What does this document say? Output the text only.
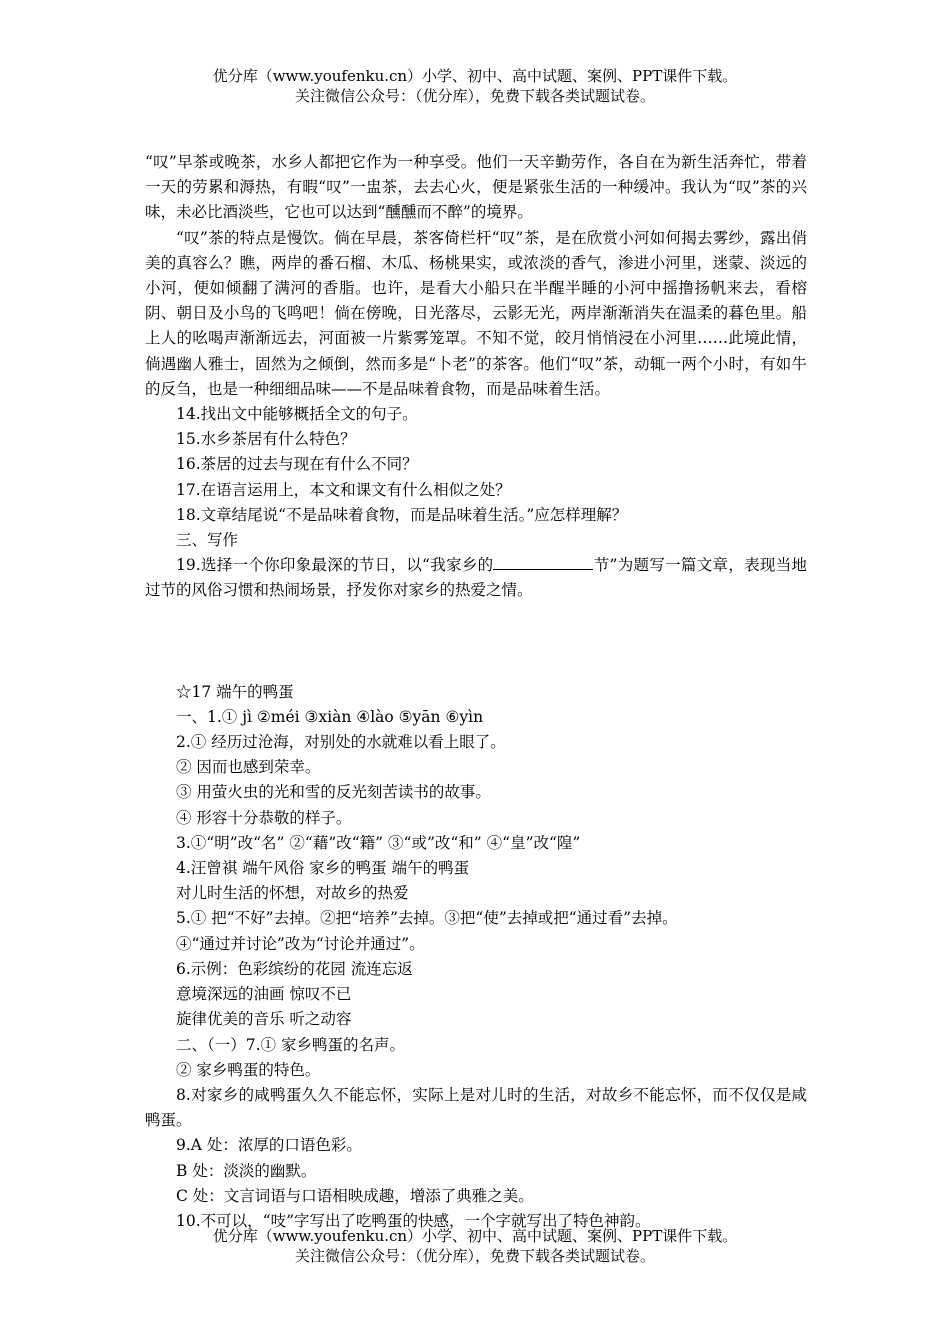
优分库（www.youfenku.cn）小学、初中、高中试题、案例、PPT课件下载。
关注微信公众号：（优分库），免费下载各类试题试卷。

“叹”早茶或晚茶，水乡人都把它作为一种享受。他们一天辛勤劳作，各自在为新生活奔忙，带着一天的劳累和溽热，有暇“叹”一盅茶，去去心火，便是紧张生活的一种缓冲。我认为“叹”茶的兴味，未必比酒淡些，它也可以达到“醺醺而不醉”的境界。

“叹”茶的特点是慢饮。倘在早晨，茶客倚栏杆“叹”茶，是在欣赏小河如何揭去雾纱，露出俏美的真容么？瞧，两岸的番石榴、木瓜、杨桃果实，或浓淡的香气，渗进小河里，迷蒙、淡远的小河，便如倾翻了满河的香脂。也许，是看大小船只在半醒半睡的小河中摇撸扬帆来去，看榕阴、朝日及小鸟的飞鸣吧！倘在傍晚，日光落尽，云影无光，两岸渐渐消失在温柔的暮色里。船上人的吆喝声渐渐远去，河面被一片紫雾笼罩。不知不觉，皎月悄悄浸在小河里……此境此情，倘遇幽人雅士，固然为之倾倒，然而多是“卜老”的茶客。他们“叹”茶，动辄一两个小时，有如牛的反刍，也是一种细细品味——不是品味着食物，而是品味着生活。

14.找出文中能够概括全文的句子。

15.水乡茶居有什么特色？

16.茶居的过去与现在有什么不同？

17.在语言运用上，本文和课文有什么相似之处？

18.文章结尾说“不是品味着食物，而是品味着生活。”应怎样理解？

三、写作

19.选择一个你印象最深的节日，以“我家乡的	节”为题写一篇文章，表现当地过节的风俗习惯和热闹场景，抒发你对家乡的热爱之情。

☆17 端午的鸭蛋

一、1.① jì ②méi ③xiàn ④lào ⑤yān ⑥yìn

2.① 经历过沧海，对别处的水就难以看上眼了。

② 因而也感到荣幸。

③ 用萤火虫的光和雪的反光刻苦读书的故事。

④ 形容十分恭敬的样子。

3.①“明”改“名” ②“藉”改“籍” ③“或”改“和” ④“皇”改“隍”

4.汪曾祺 端午风俗 家乡的鸭蛋 端午的鸭蛋

对儿时生活的怀想，对故乡的热爱

5.① 把“不好”去掉。②把“培养”去掉。③把“使”去掉或把“通过看”去掉。

④“通过并讨论”改为“讨论并通过”。

6.示例：色彩缤纷的花园 流连忘返

意境深远的油画 惊叹不已

旋律优美的音乐 听之动容

二、（一）7.① 家乡鸭蛋的名声。

② 家乡鸭蛋的特色。

8.对家乡的咸鸭蛋久久不能忘怀，实际上是对儿时的生活，对故乡不能忘怀，而不仅仅是咸鸭蛋。

9.A 处：浓厚的口语色彩。

B 处：淡淡的幽默。

C 处：文言词语与口语相映成趣，增添了典雅之美。

10.不可以，“吱”字写出了吃鸭蛋的快感，一个字就写出了特色神韵。

优分库（www.youfenku.cn）小学、初中、高中试题、案例、PPT课件下载。
关注微信公众号：（优分库），免费下载各类试题试卷。
